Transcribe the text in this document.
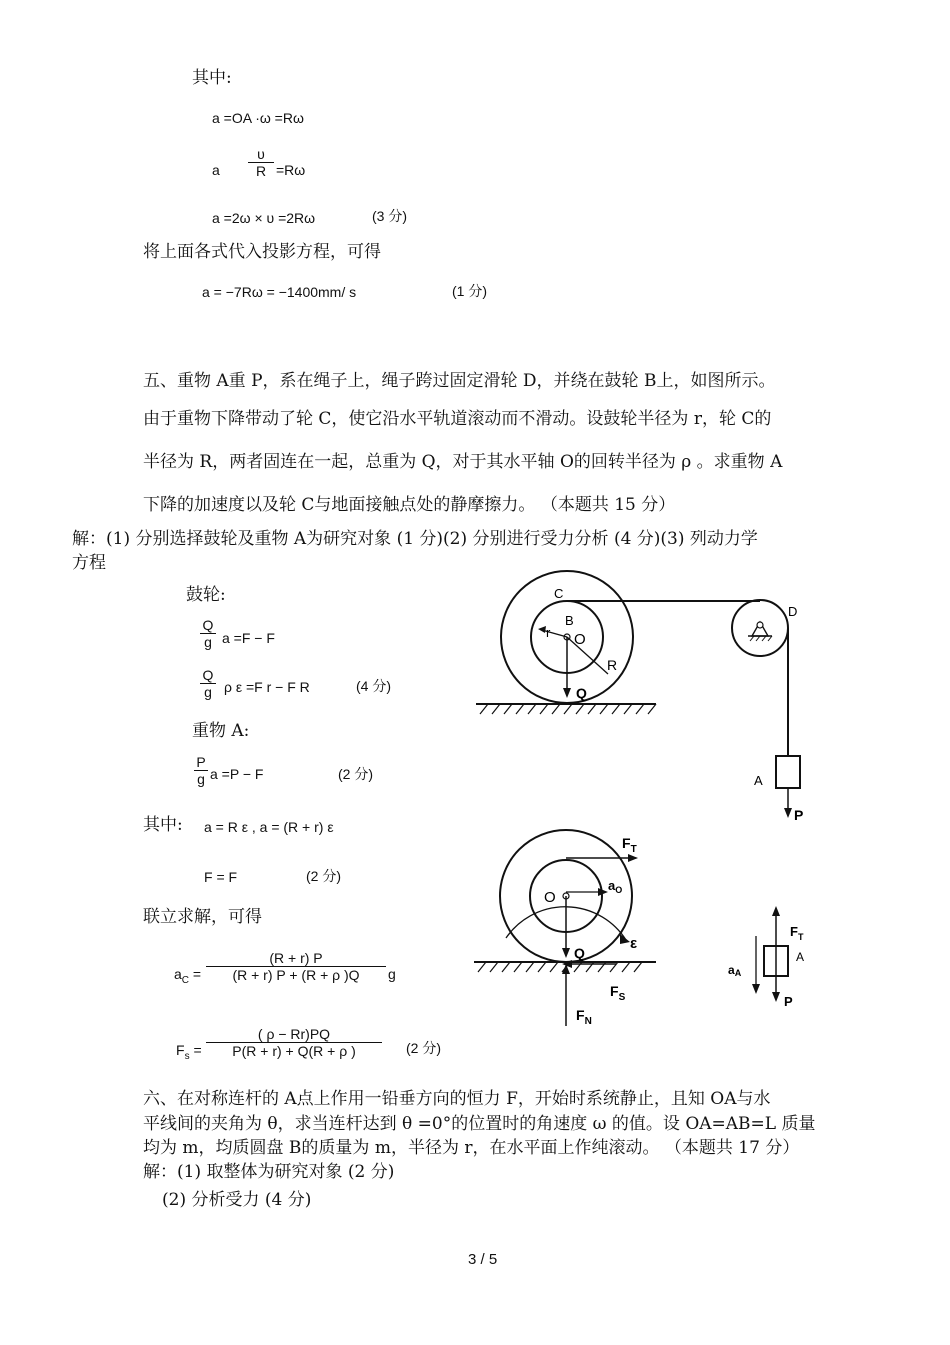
其中:
a =OA ·ω =Rω
a $\frac{\upsilon}{R} =R\omega$
a =2ω × υ =2Rω	(3 分)
将上面各式代入投影方程，可得
a = −7Rω = −1400mm/ s	(1 分)
五、重物 A重 P，系在绳子上，绳子跨过固定滑轮 D，并绕在鼓轮 B上，如图所示。
由于重物下降带动了轮 C，使它沿水平轨道滚动而不滑动。设鼓轮半径为 r，轮 C的
半径为 R，两者固连在一起，总重为 Q，对于其水平轴 O的回转半径为 ρ 。求重物 A
下降的加速度以及轮 C与地面接触点处的静摩擦力。 （本题共 15 分）
解：(1) 分别选择鼓轮及重物 A为研究对象 (1 分)(2) 分别进行受力分析 (4 分)(3) 列动力学
方程
鼓轮:
$\frac{Q}{g}$ a =F − F
$\frac{Q}{g}$ ρ ε =F r − F R	(4 分)
重物 A:
$\frac{P}{g}$ a =P − F	(2 分)
其中: a = R ε , a = (R + r) ε
F = F	(2 分)
联立求解，可得
$a_C = \frac{(R + r) P}{(R + r) P + (R + \rho )Q}$ g
$F_s = \frac{( \rho - Rr)PQ}{P(R + r) + Q(R + \rho )} (2$ 分)
六、在对称连杆的 A点上作用一铅垂方向的恒力 F，开始时系统静止，且知 OA与水
平线间的夹角为 θ，求当连杆达到 θ =0°的位置时的角速度 ω 的值。设 OA=AB=L 质量
均为 m，均质圆盘 B的质量为 m，半径为 r，在水平面上作纯滚动。 （本题共 17 分）
解：(1) 取整体为研究对象 (2 分)
(2) 分析受力 (4 分)
3 / 5
C
B
r O
R
Q
D
A
P
$F_T$
$a_O$
O
ε
Q
$F_S$
$F_N$
$F_T$
A
aA
P
